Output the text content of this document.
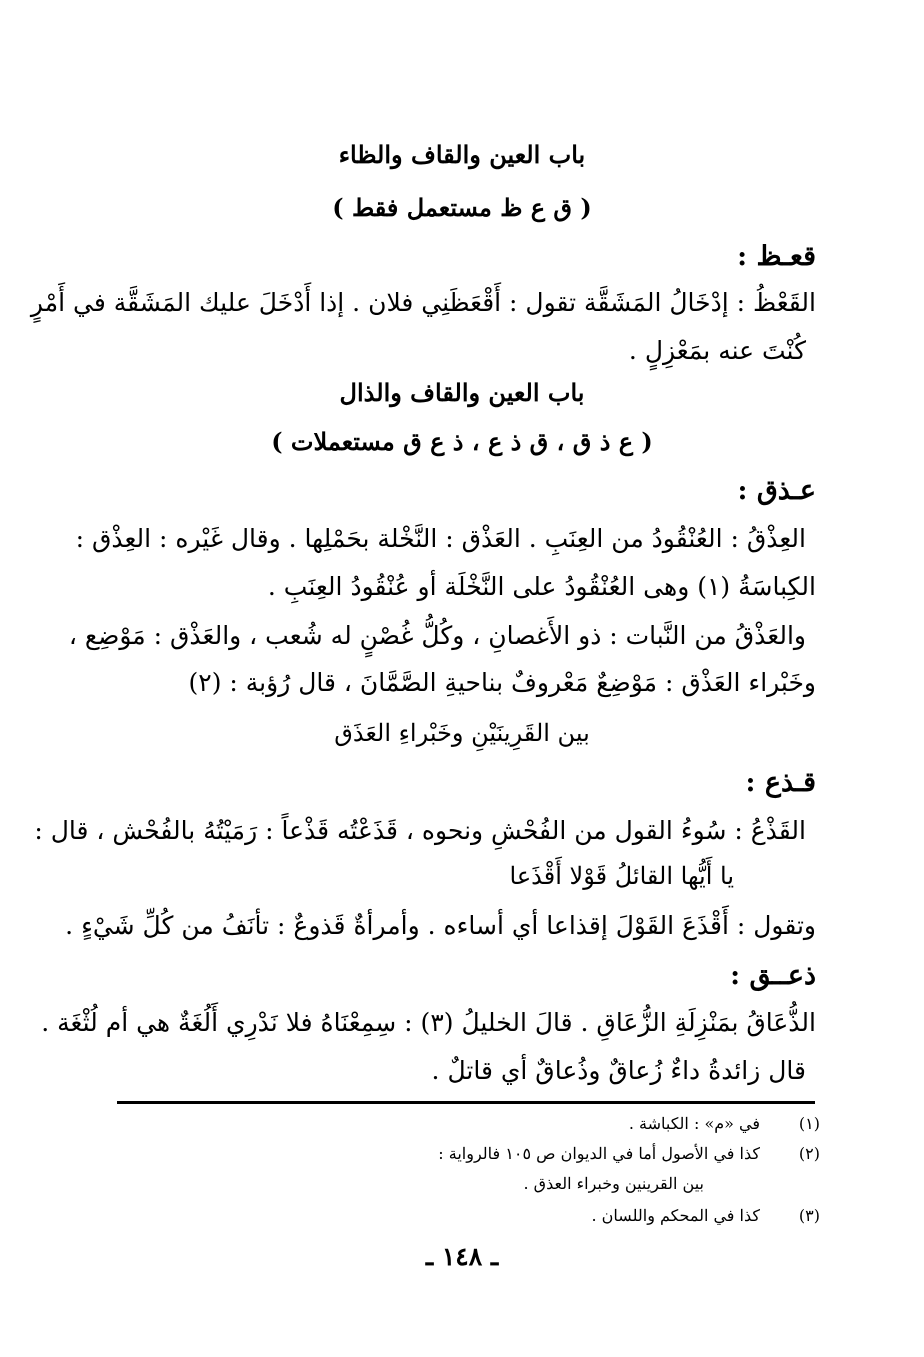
باب العين والقاف والظاء
( ق ع ظ مستعمل فقط )
قعـظ :
القَعْظُ : إدْخَالُ المَشَقَّة تقول : أَقْعَظَنِي فلان . إذا أَدْخَلَ عليك المَشَقَّة في أَمْرٍ
كُنْتَ عنه بمَعْزِلٍ .
باب العين والقاف والذال
( ع ذ ق ، ق ذ ع ، ذ ع ق مستعملات )
عـذق :
العِذْقُ : العُنْقُودُ من العِنَبِ . العَذْق : النَّخْلة بحَمْلِها . وقال غَيْره : العِذْق :
الكِباسَةُ (١) وهى العُنْقُودُ على النَّخْلَة أو عُنْقُودُ العِنَبِ .
والعَذْقُ من النَّبات : ذو الأَغصانِ ، وكُلُّ غُصْنٍ له شُعب ، والعَذْق : مَوْضِع ،
وخَبْراء العَذْق : مَوْضِعٌ مَعْروفٌ بناحيةِ الصَّمَّانَ ، قال رُؤبة : (٢)
بين القَرِينَيْنِ وخَبْراءِ العَذَق
قـذع :
القَذْعُ : سُوءُ القول من الفُحْشِ ونحوه ، قَذَعْتُه قَذْعاً : رَمَيْتُهُ بالفُحْش ، قال :
يا أَيُّها القائلُ قَوْلا أَقْذَعا
وتقول : أَقْذَعَ القَوْلَ إقذاعا أي أساءه . وأمرأةٌ قَذوعٌ : تأنَفُ من كُلِّ شَيْءٍ .
ذعــق :
الذُّعَاقُ بمَنْزِلَةِ الزُّعَاقِ . قالَ الخليلُ (٣) : سِمِعْنَاهُ فلا نَدْرِي أَلُغَةٌ هي أم لُثْغَة .
قال زائدةُ داءٌ زُعاقٌ وذُعاقٌ أي قاتلٌ .
(١)
في «م» : الكباشة .
(٢)
كذا في الأصول أما في الديوان ص ١٠٥ فالرواية :
بين القرينين وخبراء العذق .
(٣)
كذا في المحكم واللسان .
ـ ١٤٨ ـ
